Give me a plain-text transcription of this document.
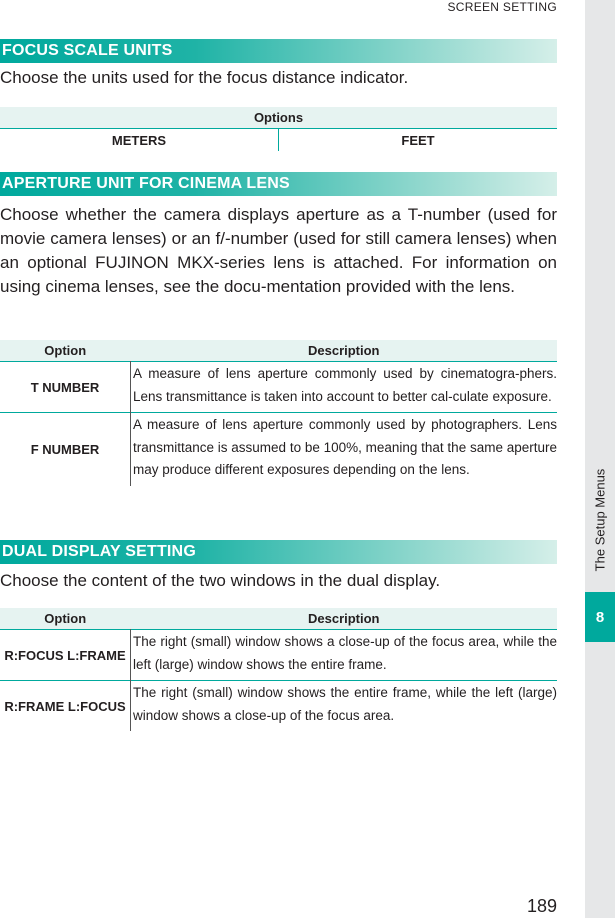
SCREEN SETTING
FOCUS SCALE UNITS
Choose the units used for the focus distance indicator.
Options
METERS	FEET
APERTURE UNIT FOR CINEMA LENS
Choose whether the camera displays aperture as a T-number (used for movie camera lenses) or an f/-number (used for still camera lenses) when an optional FUJINON MKX-series lens is attached. For information on using cinema lenses, see the docu-mentation provided with the lens.
Option	Description
T NUMBER	A measure of lens aperture commonly used by cinematogra-phers. Lens transmittance is taken into account to better cal-culate exposure.
F NUMBER	A measure of lens aperture commonly used by photographers. Lens transmittance is assumed to be 100%, meaning that the same aperture may produce different exposures depending on the lens.
DUAL DISPLAY SETTING
Choose the content of the two windows in the dual display.
Option	Description
R:FOCUS L:FRAME	The right (small) window shows a close-up of the focus area, while the left (large) window shows the entire frame.
R:FRAME L:FOCUS	The right (small) window shows the entire frame, while the left (large) window shows a close-up of the focus area.
189
The Setup Menus
8
